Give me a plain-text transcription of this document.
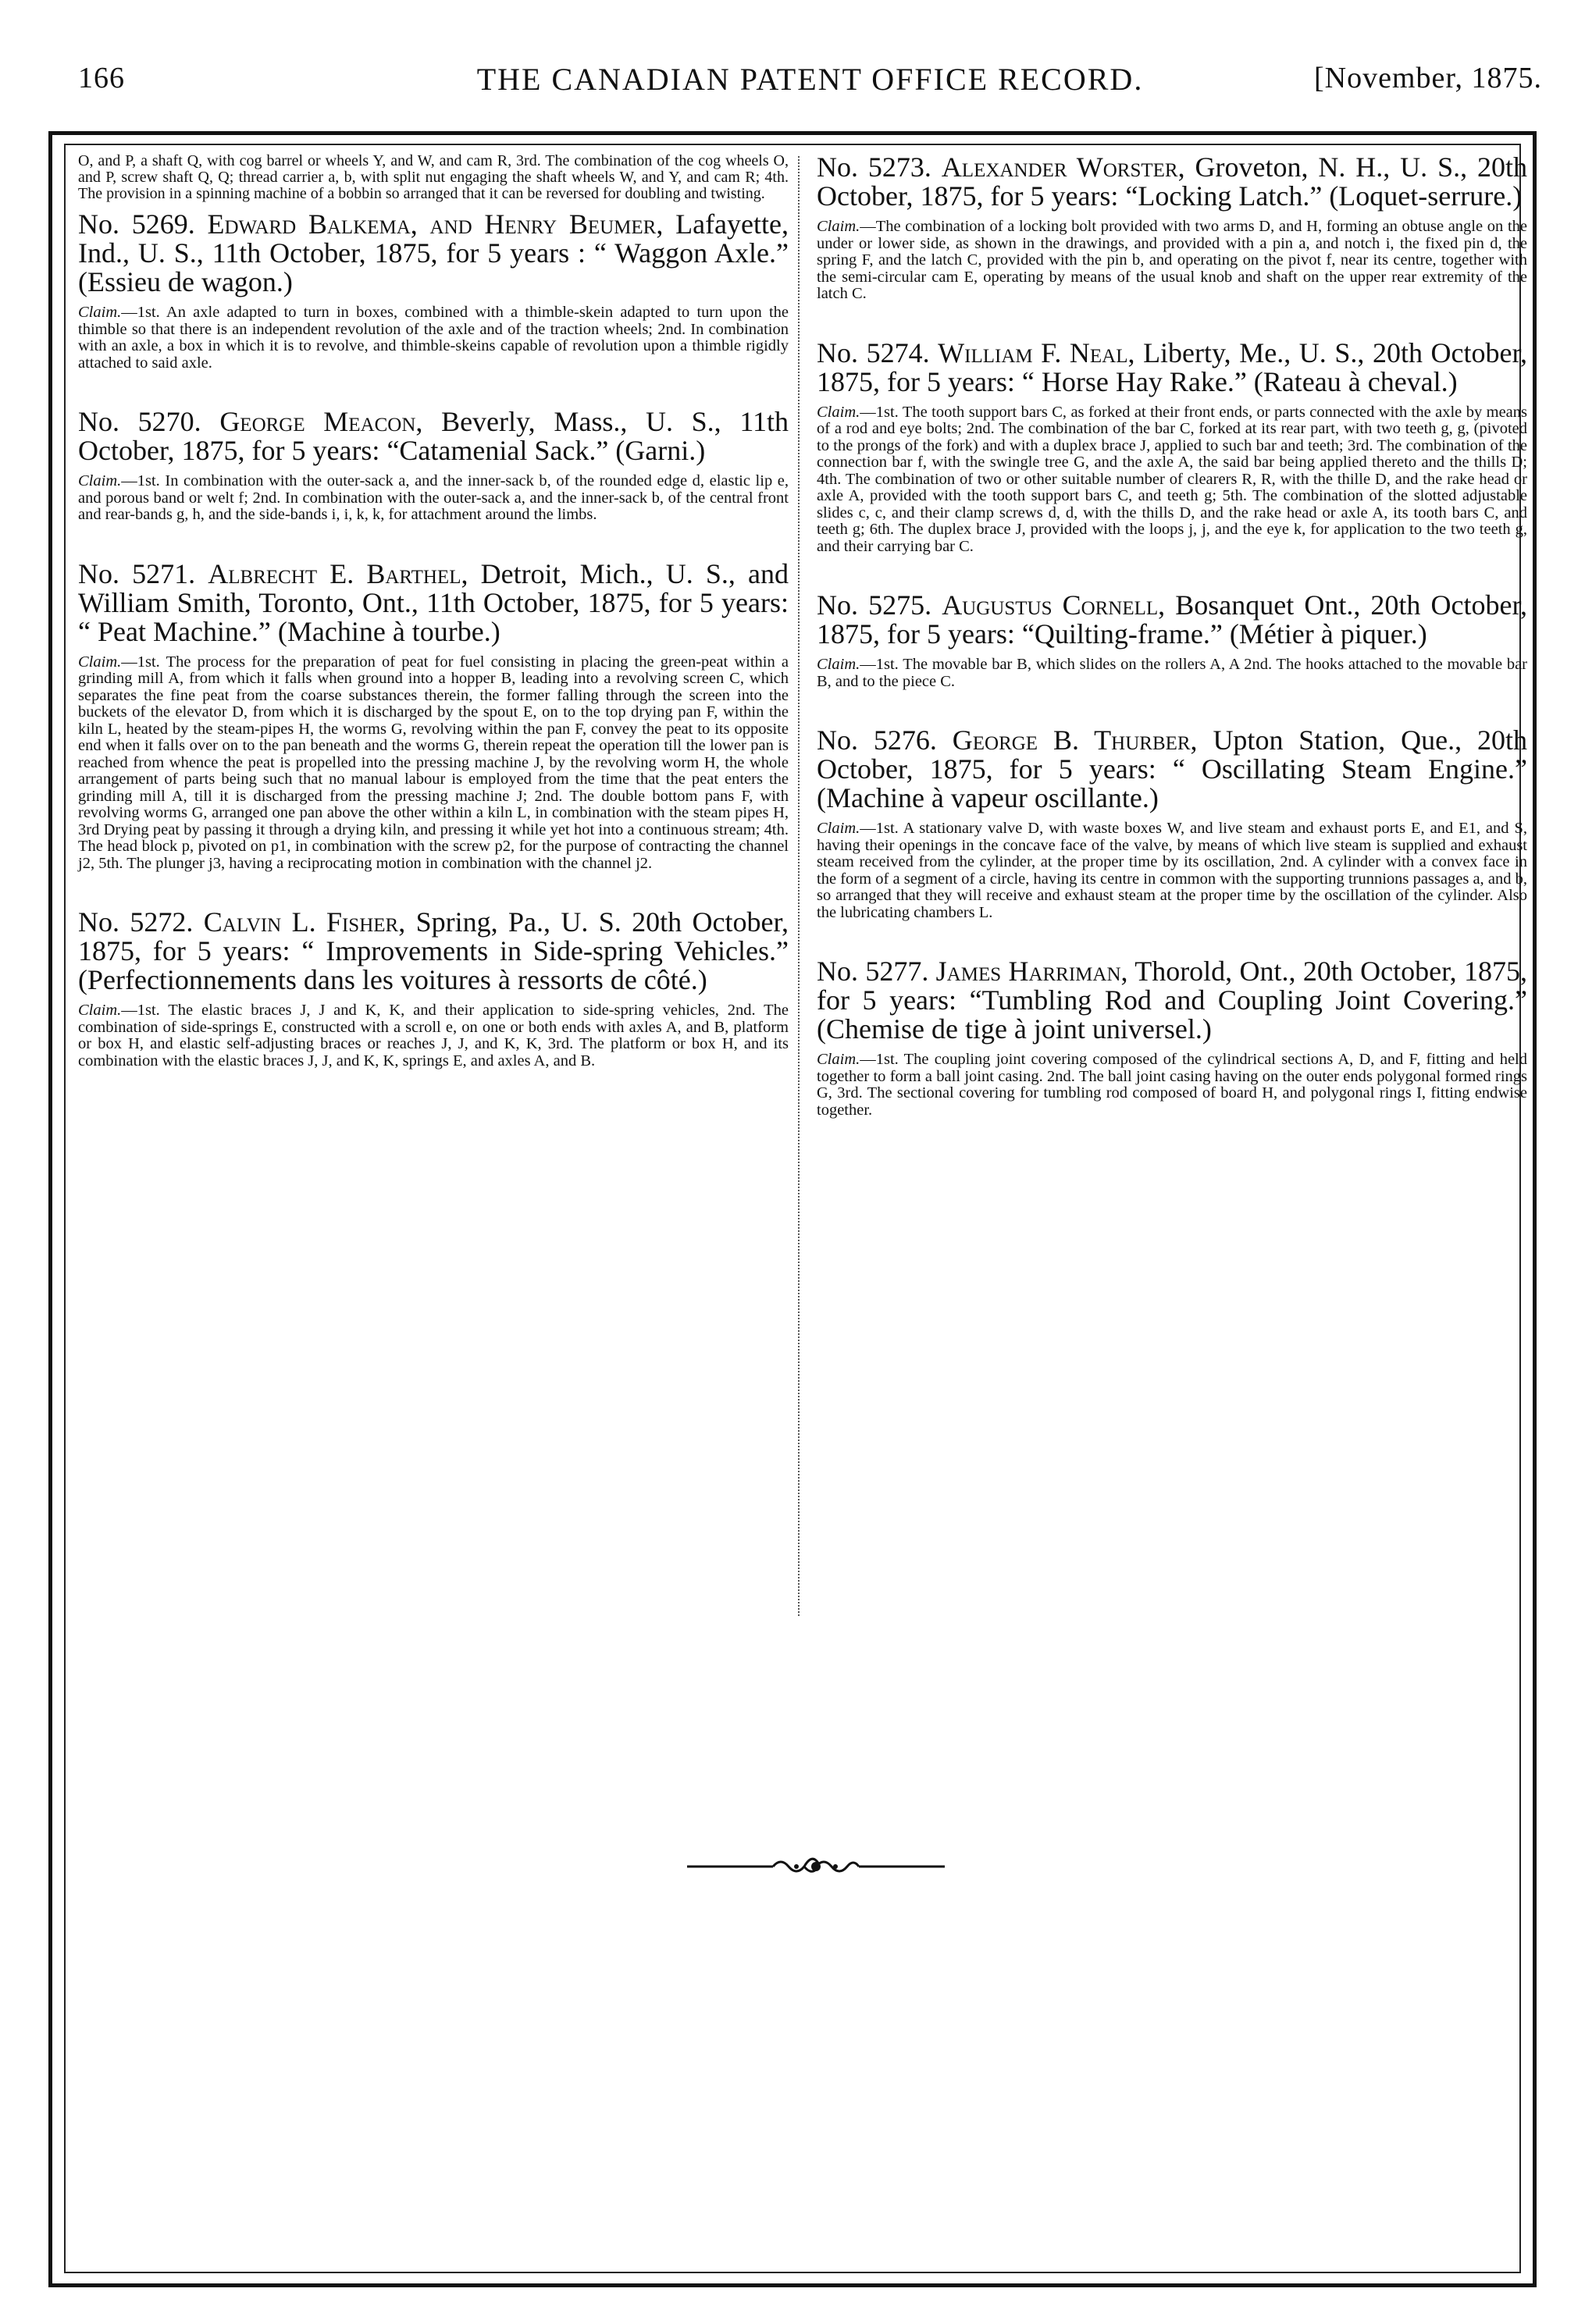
166	THE CANADIAN PATENT OFFICE RECORD.	[November, 1875.

O, and P, a shaft Q, with cog barrel or wheels Y, and W, and cam R, 3rd. The combination of the cog wheels O, and P, screw shaft Q, Q; thread carrier a, b, with split nut engaging the shaft wheels W, and Y, and cam R; 4th. The provision in a spinning machine of a bobbin so arranged that it can be reversed for doubling and twisting.

No. 5269. Edward Balkema, and Henry Beumer, Lafayette, Ind., U. S., 11th October, 1875, for 5 years : “ Waggon Axle.” (Essieu de wagon.)

Claim.—1st. An axle adapted to turn in boxes, combined with a thimble-skein adapted to turn upon the thimble so that there is an independent revolution of the axle and of the traction wheels; 2nd. In combination with an axle, a box in which it is to revolve, and thimble-skeins capable of revolution upon a thimble rigidly attached to said axle.

No. 5270. George Meacon, Beverly, Mass., U. S., 11th October, 1875, for 5 years: “Catamenial Sack.” (Garni.)

Claim.—1st. In combination with the outer-sack a, and the inner-sack b, of the rounded edge d, elastic lip e, and porous band or welt f; 2nd. In combination with the outer-sack a, and the inner-sack b, of the central front and rear-bands g, h, and the side-bands i, i, k, k, for attachment around the limbs.

No. 5271. Albrecht E. Barthel, Detroit, Mich., U. S., and William Smith, Toronto, Ont., 11th October, 1875, for 5 years: “ Peat Machine.” (Machine à tourbe.)

Claim.—1st. The process for the preparation of peat for fuel consisting in placing the green-peat within a grinding mill A, from which it falls when ground into a hopper B, leading into a revolving screen C, which separates the fine peat from the coarse substances therein, the former falling through the screen into the buckets of the elevator D, from which it is discharged by the spout E, on to the top drying pan F, within the kiln L, heated by the steam-pipes H, the worms G, revolving within the pan F, convey the peat to its opposite end when it falls over on to the pan beneath and the worms G, therein repeat the operation till the lower pan is reached from whence the peat is propelled into the pressing machine J, by the revolving worm H, the whole arrangement of parts being such that no manual labour is employed from the time that the peat enters the grinding mill A, till it is discharged from the pressing machine J; 2nd. The double bottom pans F, with revolving worms G, arranged one pan above the other within a kiln L, in combination with the steam pipes H, 3rd Drying peat by passing it through a drying kiln, and pressing it while yet hot into a continuous stream; 4th. The head block p, pivoted on p1, in combination with the screw p2, for the purpose of contracting the channel j2, 5th. The plunger j3, having a reciprocating motion in combination with the channel j2.

No. 5272. Calvin L. Fisher, Spring, Pa., U. S. 20th October, 1875, for 5 years: “ Improvements in Side-spring Vehicles.” (Perfectionnements dans les voitures à ressorts de côté.)

Claim.—1st. The elastic braces J, J and K, K, and their application to side-spring vehicles, 2nd. The combination of side-springs E, constructed with a scroll e, on one or both ends with axles A, and B, platform or box H, and elastic self-adjusting braces or reaches J, J, and K, K, 3rd. The platform or box H, and its combination with the elastic braces J, J, and K, K, springs E, and axles A, and B.

No. 5273. Alexander Worster, Groveton, N. H., U. S., 20th October, 1875, for 5 years: “Locking Latch.” (Loquet-serrure.)

Claim.—The combination of a locking bolt provided with two arms D, and H, forming an obtuse angle on the under or lower side, as shown in the drawings, and provided with a pin a, and notch i, the fixed pin d, the spring F, and the latch C, provided with the pin b, and operating on the pivot f, near its centre, together with the semi-circular cam E, operating by means of the usual knob and shaft on the upper rear extremity of the latch C.

No. 5274. William F. Neal, Liberty, Me., U. S., 20th October, 1875, for 5 years: “ Horse Hay Rake.” (Rateau à cheval.)

Claim.—1st. The tooth support bars C, as forked at their front ends, or parts connected with the axle by means of a rod and eye bolts; 2nd. The combination of the bar C, forked at its rear part, with two teeth g, g, (pivoted to the prongs of the fork) and with a duplex brace J, applied to such bar and teeth; 3rd. The combination of the connection bar f, with the swingle tree G, and the axle A, the said bar being applied thereto and the thills D; 4th. The combination of two or other suitable number of clearers R, R, with the thille D, and the rake head or axle A, provided with the tooth support bars C, and teeth g; 5th. The combination of the slotted adjustable slides c, c, and their clamp screws d, d, with the thills D, and the rake head or axle A, its tooth bars C, and teeth g; 6th. The duplex brace J, provided with the loops j, j, and the eye k, for application to the two teeth g, and their carrying bar C.

No. 5275. Augustus Cornell, Bosanquet Ont., 20th October, 1875, for 5 years: “Quilting-frame.” (Métier à piquer.)

Claim.—1st. The movable bar B, which slides on the rollers A, A 2nd. The hooks attached to the movable bar B, and to the piece C.

No. 5276. George B. Thurber, Upton Station, Que., 20th October, 1875, for 5 years: “ Oscillating Steam Engine.” (Machine à vapeur oscillante.)

Claim.—1st. A stationary valve D, with waste boxes W, and live steam and exhaust ports E, and E1, and S, having their openings in the concave face of the valve, by means of which live steam is supplied and exhaust steam received from the cylinder, at the proper time by its oscillation, 2nd. A cylinder with a convex face in the form of a segment of a circle, having its centre in common with the supporting trunnions passages a, and b, so arranged that they will receive and exhaust steam at the proper time by the oscillation of the cylinder. Also the lubricating chambers L.

No. 5277. James Harriman, Thorold, Ont., 20th October, 1875, for 5 years: “Tumbling Rod and Coupling Joint Covering.” (Chemise de tige à joint universel.)

Claim.—1st. The coupling joint covering composed of the cylindrical sections A, D, and F, fitting and held together to form a ball joint casing. 2nd. The ball joint casing having on the outer ends polygonal formed rings G, 3rd. The sectional covering for tumbling rod composed of board H, and polygonal rings I, fitting endwise together.
